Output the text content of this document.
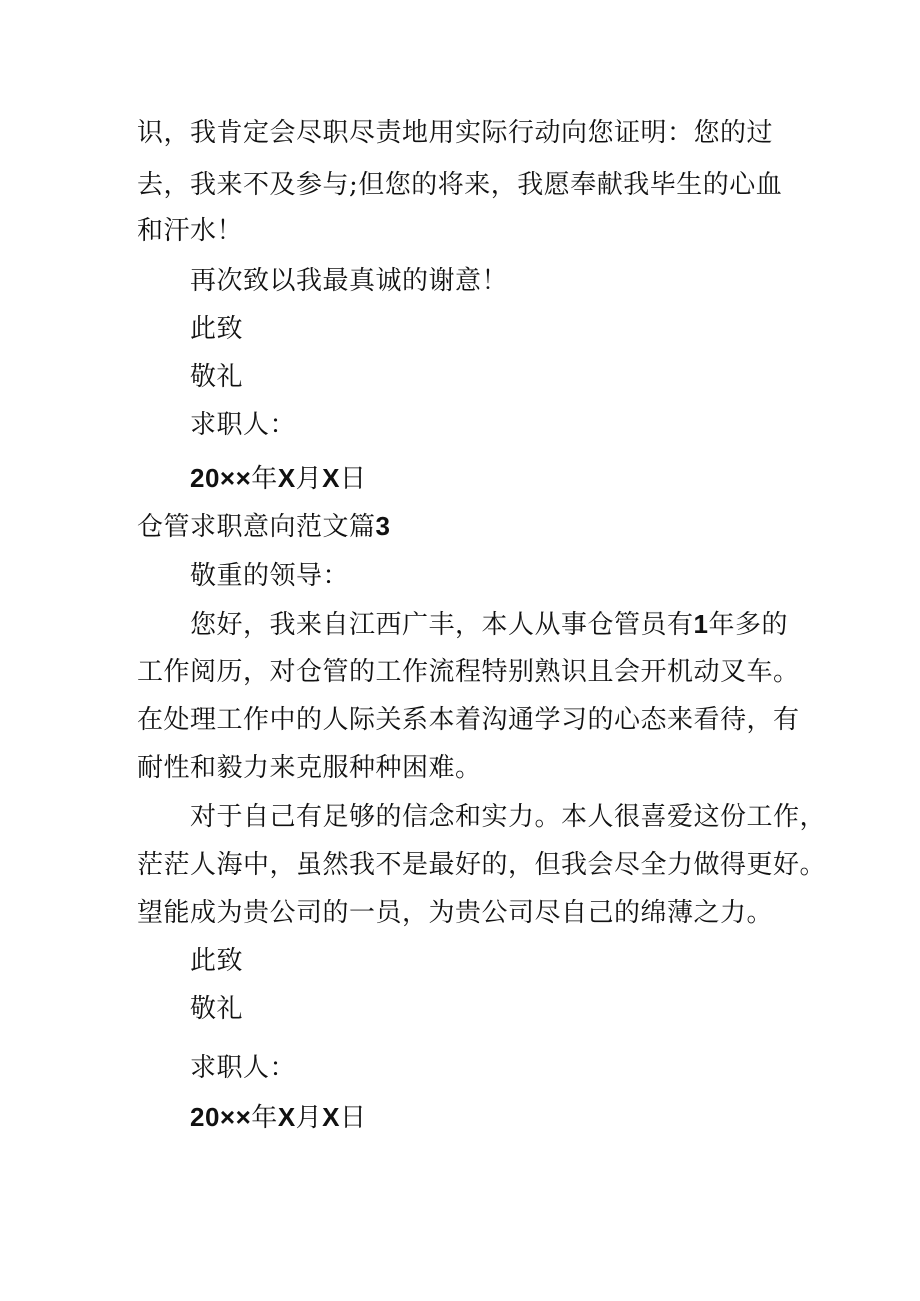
识，我肯定会尽职尽责地用实际行动向您证明：您的过
去，我来不及参与;但您的将来，我愿奉献我毕生的心血
和汗水！
再次致以我最真诚的谢意！
此致
敬礼
求职人：
20××年X月X日
仓管求职意向范文篇3
敬重的领导：
您好，我来自江西广丰，本人从事仓管员有1年多的
工作阅历，对仓管的工作流程特别熟识且会开机动叉车。
在处理工作中的人际关系本着沟通学习的心态来看待，有
耐性和毅力来克服种种困难。
对于自己有足够的信念和实力。本人很喜爱这份工作，
茫茫人海中，虽然我不是最好的，但我会尽全力做得更好。
望能成为贵公司的一员，为贵公司尽自己的绵薄之力。
此致
敬礼
求职人：
20××年X月X日
